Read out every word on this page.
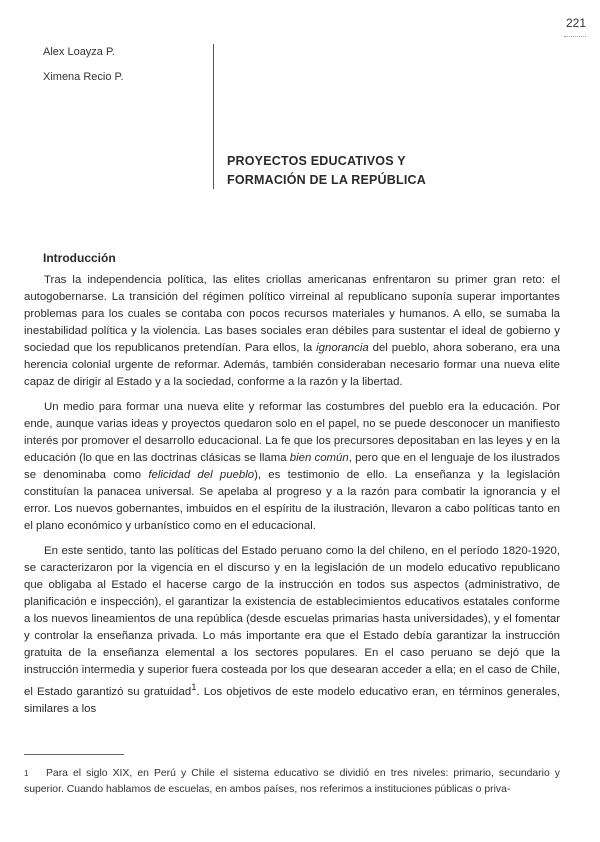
221
Alex Loayza P.
Ximena Recio P.
PROYECTOS EDUCATIVOS Y
FORMACIÓN DE LA REPÚBLICA
Introducción

Tras la independencia política, las elites criollas americanas enfrentaron su primer gran reto: el autogobernarse. La transición del régimen político virreinal al republicano suponía superar importantes problemas para los cuales se contaba con pocos recursos materiales y humanos. A ello, se sumaba la inestabilidad política y la violencia. Las bases sociales eran débiles para sustentar el ideal de gobierno y sociedad que los republicanos pretendían. Para ellos, la ignorancia del pueblo, ahora soberano, era una herencia colonial urgente de reformar. Además, también consideraban necesario formar una nueva elite capaz de dirigir al Estado y a la sociedad, conforme a la razón y la libertad.

Un medio para formar una nueva elite y reformar las costumbres del pueblo era la educación. Por ende, aunque varias ideas y proyectos quedaron solo en el papel, no se puede desconocer un manifiesto interés por promover el desarrollo educacional. La fe que los precursores depositaban en las leyes y en la educación (lo que en las doctrinas clásicas se llama bien común, pero que en el lenguaje de los ilustrados se denominaba como felicidad del pueblo), es testimonio de ello. La enseñanza y la legislación constituían la panacea universal. Se apelaba al progreso y a la razón para combatir la ignorancia y el error. Los nuevos gobernantes, imbuidos en el espíritu de la ilustración, llevaron a cabo políticas tanto en el plano económico y urbanístico como en el educacional.

En este sentido, tanto las políticas del Estado peruano como la del chileno, en el período 1820-1920, se caracterizaron por la vigencia en el discurso y en la legislación de un modelo educativo republicano que obligaba al Estado el hacerse cargo de la instrucción en todos sus aspectos (administrativo, de planificación e inspección), el garantizar la existencia de establecimientos educativos estatales conforme a los nuevos lineamientos de una república (desde escuelas primarias hasta universidades), y el fomentar y controlar la enseñanza privada. Lo más importante era que el Estado debía garantizar la instrucción gratuita de la enseñanza elemental a los sectores populares. En el caso peruano se dejó que la instrucción intermedia y superior fuera costeada por los que desearan acceder a ella; en el caso de Chile, el Estado garantizó su gratuidad$^1$. Los objetivos de este modelo educativo eran, en términos generales, similares a los

1 Para el siglo XIX, en Perú y Chile el sistema educativo se dividió en tres niveles: primario, secundario y superior. Cuando hablamos de escuelas, en ambos países, nos referimos a instituciones públicas o priva-
